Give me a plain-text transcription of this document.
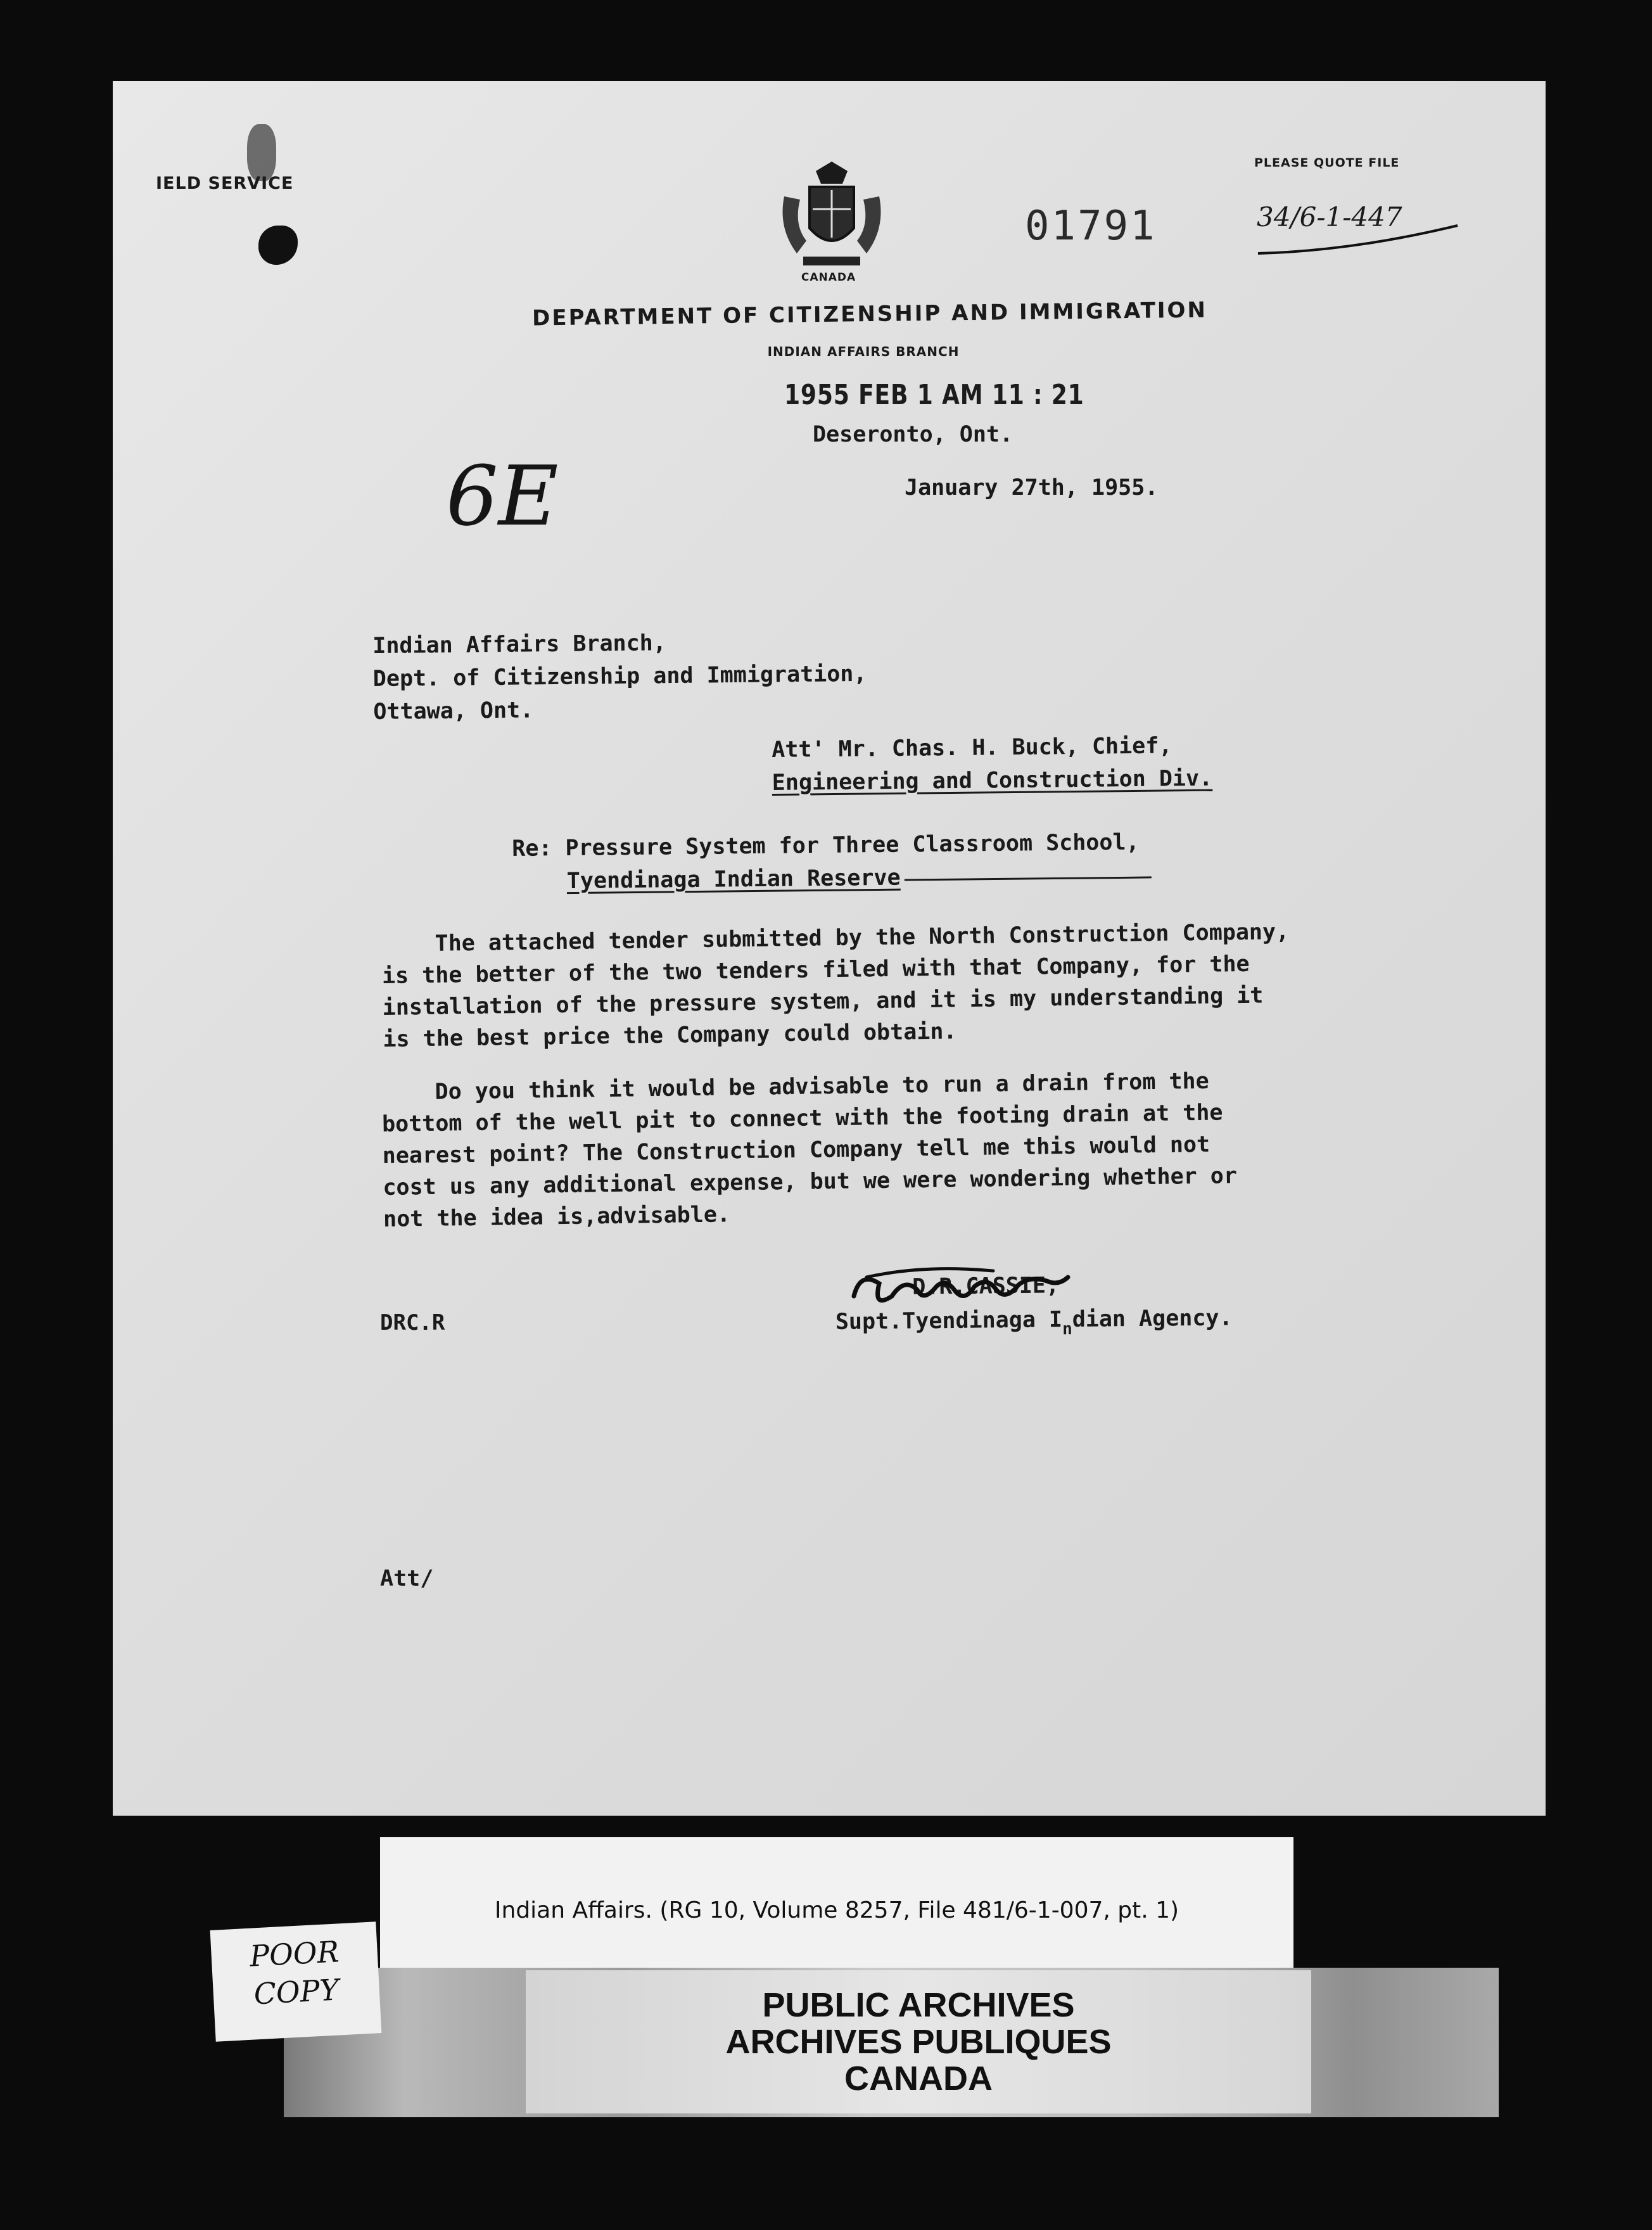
IELD SERVICE
CANADA
01791
PLEASE QUOTE FILE
34/6-1-447
DEPARTMENT OF CITIZENSHIP AND IMMIGRATION
INDIAN AFFAIRS BRANCH
1955 FEB 1 AM 11 : 21
Deseronto, Ont.
January 27th, 1955.
6E
Indian Affairs Branch,
Dept. of Citizenship and Immigration,
Ottawa, Ont.
Att' Mr. Chas. H. Buck, Chief,
Engineering and Construction Div.
Re: Pressure System for Three Classroom School,
Tyendinaga Indian Reserve
The attached tender submitted by the North Construction Company,
is the better of the two tenders filed with that Company, for the
installation of the pressure system, and it is my understanding it
is the best price the Company could obtain.
Do you think it would be advisable to run a drain from the
bottom of the well pit to connect with the footing drain at the
nearest point? The Construction Company tell me this would not
cost us any additional expense, but we were wondering whether or
not the idea is,advisable.
DRC.R
D.R.CASSIE,
Supt.Tyendinaga $I_ndian$ Agency.
Att/
Indian Affairs. (RG 10, Volume 8257, File 481/6-1-007, pt. 1)
PUBLIC ARCHIVES
ARCHIVES PUBLIQUES
CANADA
POOR
COPY
